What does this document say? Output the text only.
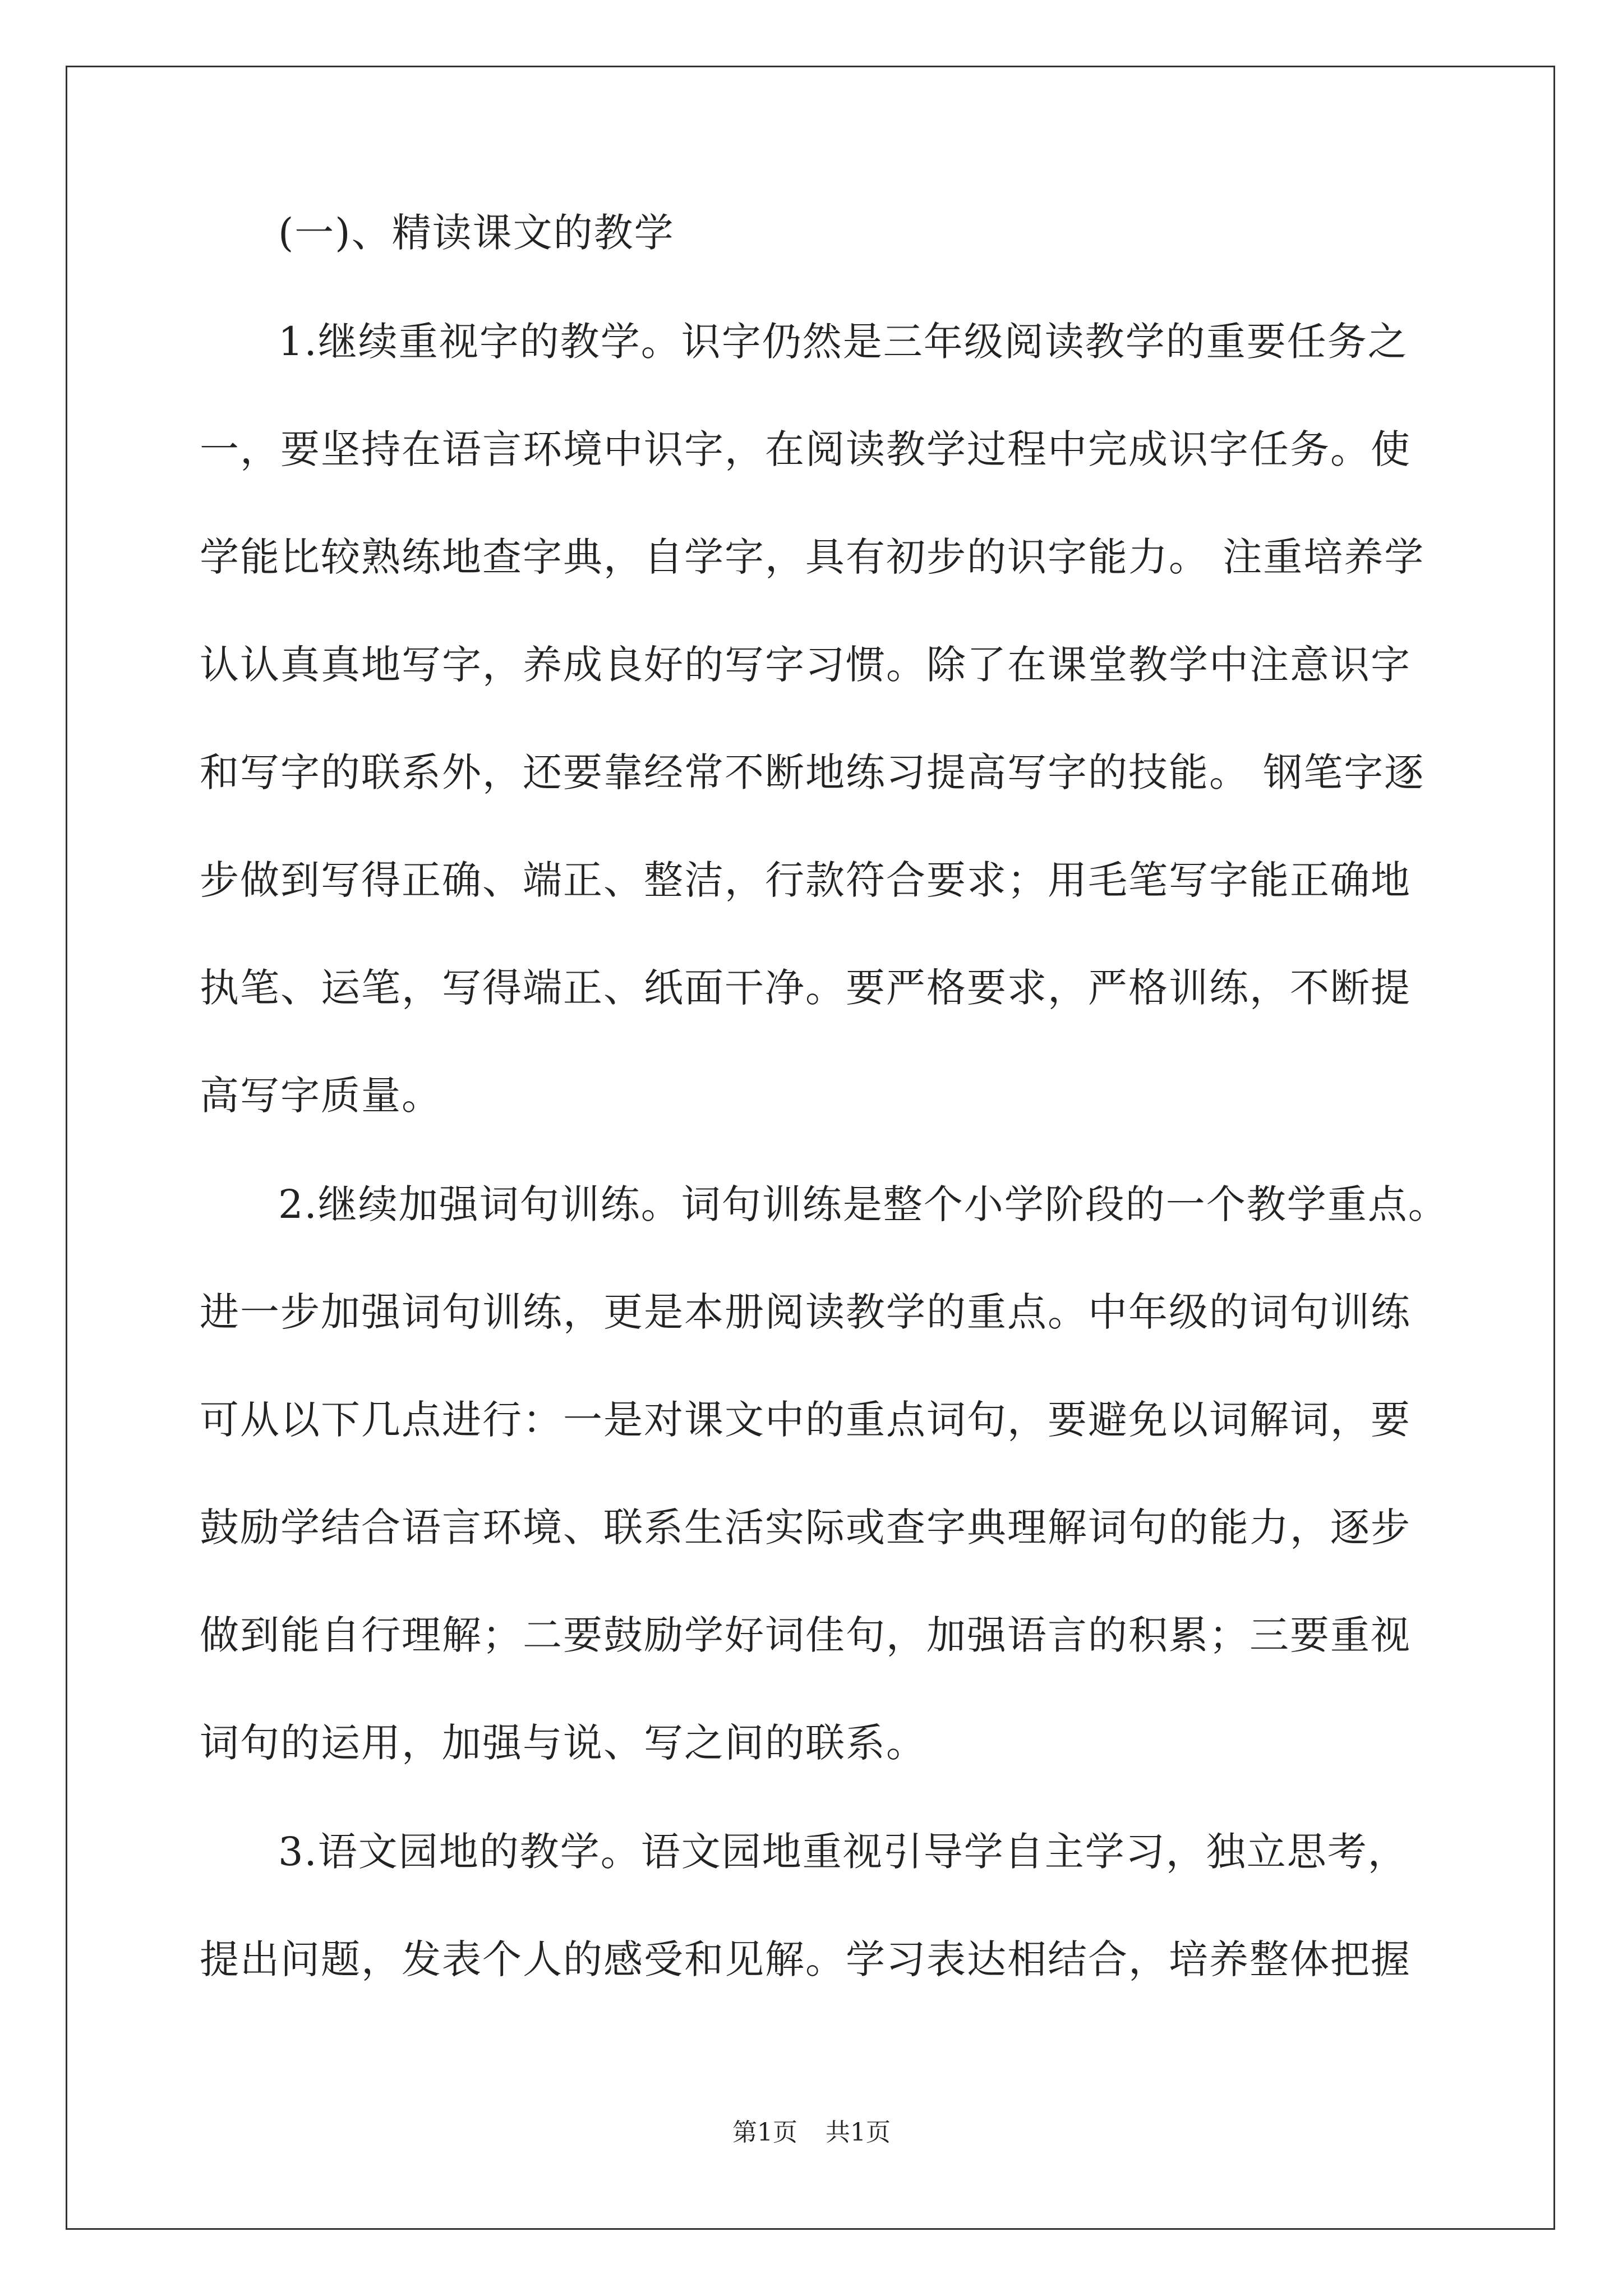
(一)、精读课文的教学
1.继续重视字的教学。识字仍然是三年级阅读教学的重要任务之
一，要坚持在语言环境中识字，在阅读教学过程中完成识字任务。使
学能比较熟练地查字典，自学字，具有初步的识字能力。 注重培养学
认认真真地写字，养成良好的写字习惯。除了在课堂教学中注意识字
和写字的联系外，还要靠经常不断地练习提高写字的技能。 钢笔字逐
步做到写得正确、端正、整洁，行款符合要求；用毛笔写字能正确地
执笔、运笔，写得端正、纸面干净。要严格要求，严格训练，不断提
高写字质量。
2.继续加强词句训练。词句训练是整个小学阶段的一个教学重点。
进一步加强词句训练，更是本册阅读教学的重点。中年级的词句训练
可从以下几点进行：一是对课文中的重点词句，要避免以词解词，要
鼓励学结合语言环境、联系生活实际或查字典理解词句的能力，逐步
做到能自行理解；二要鼓励学好词佳句，加强语言的积累；三要重视
词句的运用，加强与说、写之间的联系。
3.语文园地的教学。语文园地重视引导学自主学习，独立思考，
提出问题，发表个人的感受和见解。学习表达相结合，培养整体把握
第1页 共1页
